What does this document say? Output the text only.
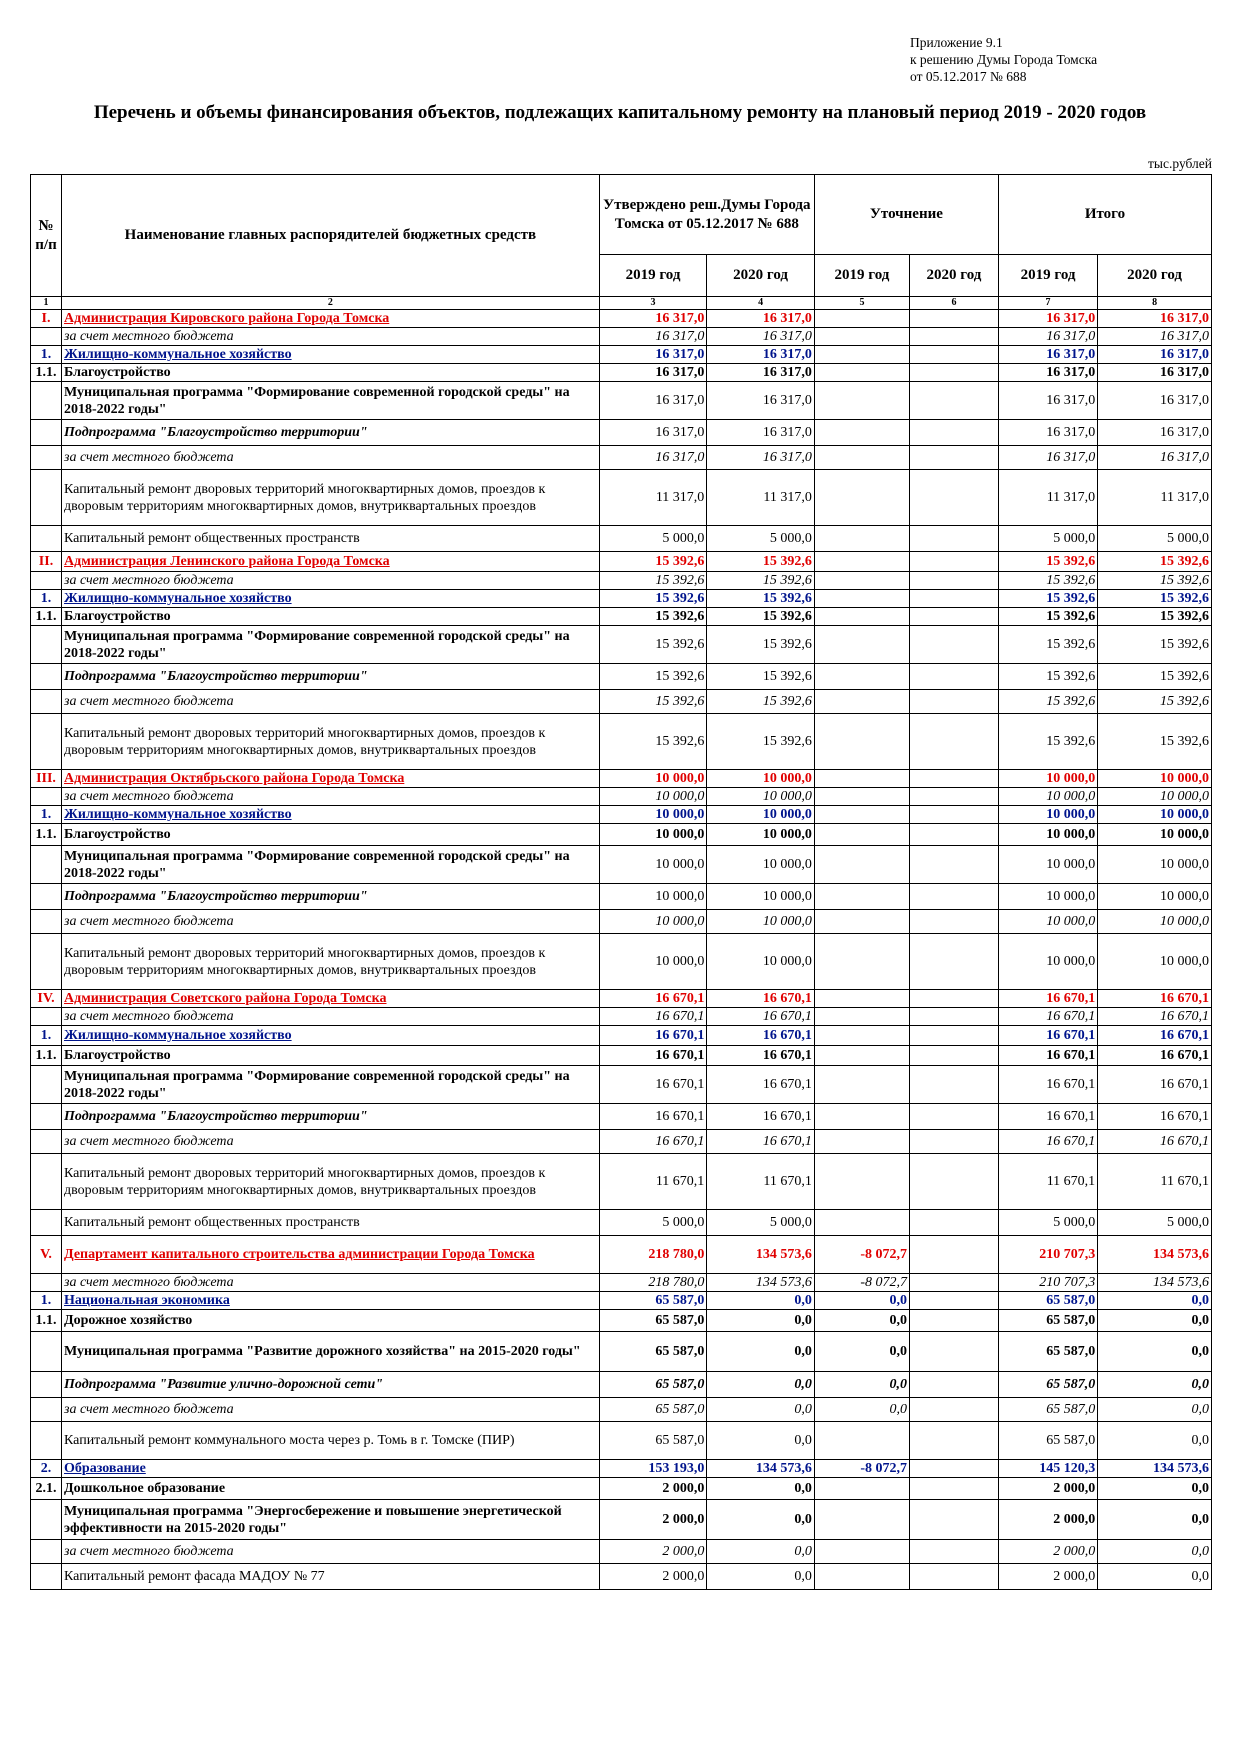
Приложение 9.1
к решению Думы Города Томска
от 05.12.2017 № 688
Перечень и объемы финансирования объектов, подлежащих капитальному ремонту на плановый период 2019 - 2020 годов
тыс.рублей
№ п/п	Наименование главных распорядителей бюджетных средств	Утверждено реш.Думы Города Томска от 05.12.2017 № 688		Уточнение		Итого	
		2019 год	2020 год	2019 год	2020 год	2019 год	2020 год
1	2	3	4	5	6	7	8
I.	Администрация Кировского района Города Томска	16 317,0	16 317,0			16 317,0	16 317,0
	за счет местного бюджета	16 317,0	16 317,0			16 317,0	16 317,0
1.	Жилищно-коммунальное хозяйство	16 317,0	16 317,0			16 317,0	16 317,0
1.1.	Благоустройство	16 317,0	16 317,0			16 317,0	16 317,0
	Муниципальная программа "Формирование современной городской среды" на 2018-2022 годы"	16 317,0	16 317,0			16 317,0	16 317,0
	Подпрограмма "Благоустройство территории"	16 317,0	16 317,0			16 317,0	16 317,0
	за счет местного бюджета	16 317,0	16 317,0			16 317,0	16 317,0
	Капитальный ремонт дворовых территорий многоквартирных домов, проездов к дворовым территориям многоквартирных домов, внутриквартальных проездов	11 317,0	11 317,0			11 317,0	11 317,0
	Капитальный ремонт общественных пространств	5 000,0	5 000,0			5 000,0	5 000,0
II.	Администрация Ленинского района Города Томска	15 392,6	15 392,6			15 392,6	15 392,6
	за счет местного бюджета	15 392,6	15 392,6			15 392,6	15 392,6
1.	Жилищно-коммунальное хозяйство	15 392,6	15 392,6			15 392,6	15 392,6
1.1.	Благоустройство	15 392,6	15 392,6			15 392,6	15 392,6
	Муниципальная программа "Формирование современной городской среды" на 2018-2022 годы"	15 392,6	15 392,6			15 392,6	15 392,6
	Подпрограмма "Благоустройство территории"	15 392,6	15 392,6			15 392,6	15 392,6
	за счет местного бюджета	15 392,6	15 392,6			15 392,6	15 392,6
	Капитальный ремонт дворовых территорий многоквартирных домов, проездов к дворовым территориям многоквартирных домов, внутриквартальных проездов	15 392,6	15 392,6			15 392,6	15 392,6
III.	Администрация Октябрьского района Города Томска	10 000,0	10 000,0			10 000,0	10 000,0
	за счет местного бюджета	10 000,0	10 000,0			10 000,0	10 000,0
1.	Жилищно-коммунальное хозяйство	10 000,0	10 000,0			10 000,0	10 000,0
1.1.	Благоустройство	10 000,0	10 000,0			10 000,0	10 000,0
	Муниципальная программа "Формирование современной городской среды" на 2018-2022 годы"	10 000,0	10 000,0			10 000,0	10 000,0
	Подпрограмма "Благоустройство территории"	10 000,0	10 000,0			10 000,0	10 000,0
	за счет местного бюджета	10 000,0	10 000,0			10 000,0	10 000,0
	Капитальный ремонт дворовых территорий многоквартирных домов, проездов к дворовым территориям многоквартирных домов, внутриквартальных проездов	10 000,0	10 000,0			10 000,0	10 000,0
IV.	Администрация Советского района Города Томска	16 670,1	16 670,1			16 670,1	16 670,1
	за счет местного бюджета	16 670,1	16 670,1			16 670,1	16 670,1
1.	Жилищно-коммунальное хозяйство	16 670,1	16 670,1			16 670,1	16 670,1
1.1.	Благоустройство	16 670,1	16 670,1			16 670,1	16 670,1
	Муниципальная программа "Формирование современной городской среды" на 2018-2022 годы"	16 670,1	16 670,1			16 670,1	16 670,1
	Подпрограмма "Благоустройство территории"	16 670,1	16 670,1			16 670,1	16 670,1
	за счет местного бюджета	16 670,1	16 670,1			16 670,1	16 670,1
	Капитальный ремонт дворовых территорий многоквартирных домов, проездов к дворовым территориям многоквартирных домов, внутриквартальных проездов	11 670,1	11 670,1			11 670,1	11 670,1
	Капитальный ремонт общественных пространств	5 000,0	5 000,0			5 000,0	5 000,0
V.	Департамент капитального строительства администрации Города Томска	218 780,0	134 573,6	-8 072,7		210 707,3	134 573,6
	за счет местного бюджета	218 780,0	134 573,6	-8 072,7		210 707,3	134 573,6
1.	Национальная экономика	65 587,0	0,0	0,0		65 587,0	0,0
1.1.	Дорожное хозяйство	65 587,0	0,0	0,0		65 587,0	0,0
	Муниципальная программа "Развитие дорожного хозяйства" на 2015-2020 годы"	65 587,0	0,0	0,0		65 587,0	0,0
	Подпрограмма "Развитие улично-дорожной сети"	65 587,0	0,0	0,0		65 587,0	0,0
	за счет местного бюджета	65 587,0	0,0	0,0		65 587,0	0,0
	Капитальный ремонт коммунального моста через р. Томь в г. Томске (ПИР)	65 587,0	0,0			65 587,0	0,0
2.	Образование	153 193,0	134 573,6	-8 072,7		145 120,3	134 573,6
2.1.	Дошкольное образование	2 000,0	0,0			2 000,0	0,0
	Муниципальная программа "Энергосбережение и повышение энергетической эффективности на 2015-2020 годы"	2 000,0	0,0			2 000,0	0,0
	за счет местного бюджета	2 000,0	0,0			2 000,0	0,0
	Капитальный ремонт фасада МАДОУ № 77	2 000,0	0,0			2 000,0	0,0
